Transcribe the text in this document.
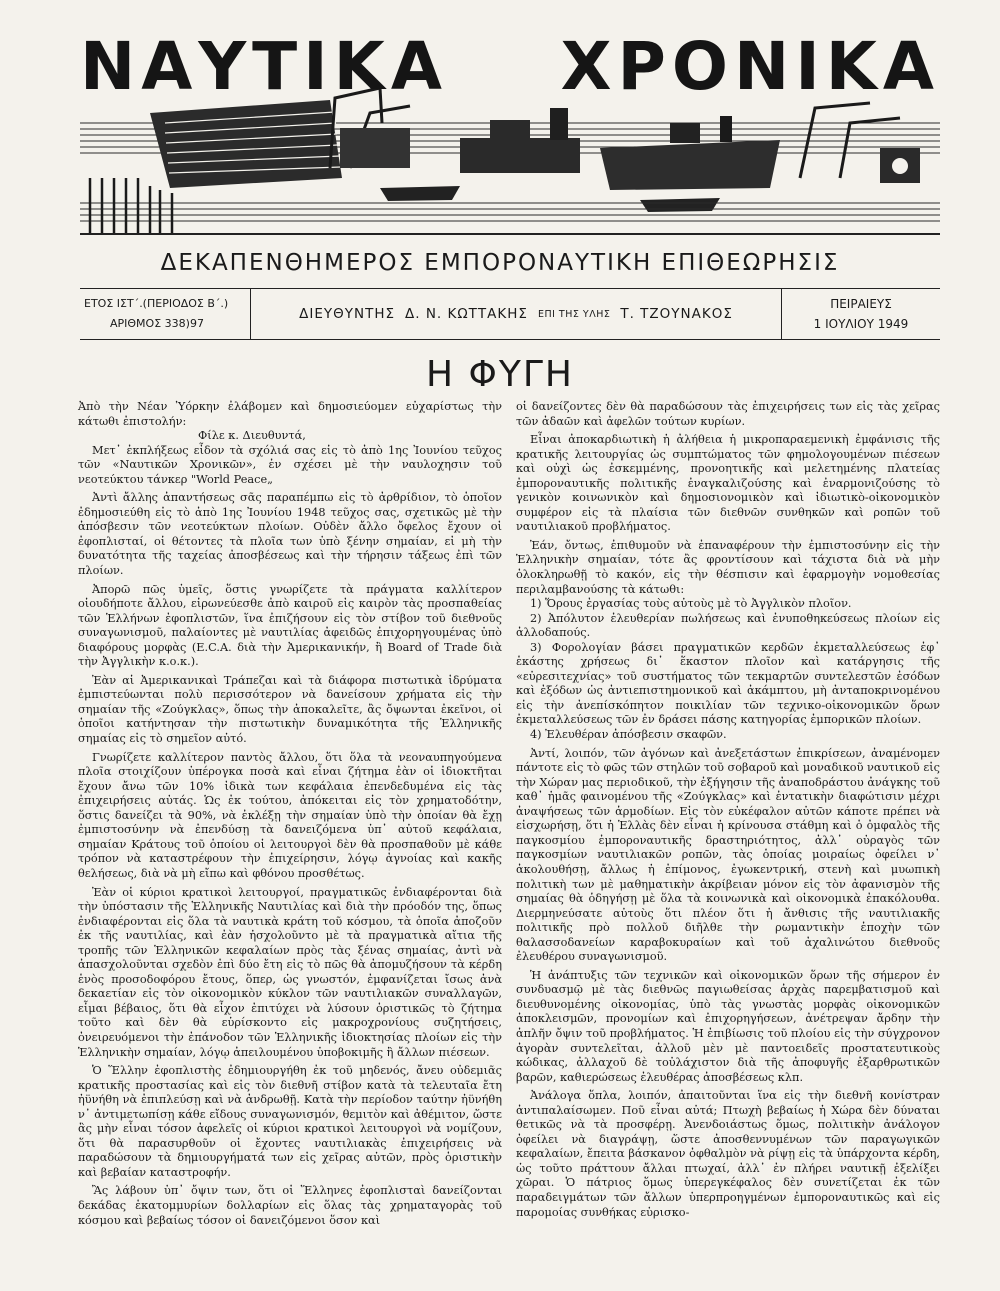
ΝΑΥΤΙΚΑ ΧΡΟΝΙΚΑ
ΔΕΚΑΠΕΝΘΗΜΕΡΟΣ ΕΜΠΟΡΟΝΑΥΤΙΚΗ ΕΠΙΘΕΩΡΗΣΙΣ
ΕΤΟΣ ΙΣΤ΄.(ΠΕΡΙΟΔΟΣ Β΄.)
ΑΡΙΘΜΟΣ 338)97
ΔΙΕΥΘΥΝΤΗΣ Δ. Ν. ΚΩΤΤΑΚΗΣ ΕΠΙ ΤΗΣ ΥΛΗΣ Τ. ΤΖΟΥΝΑΚΟΣ
ΠΕΙΡΑΙΕΥΣ
1 ΙΟΥΛΙΟΥ 1949
Η ΦΥΓΗ

Ἀπὸ τὴν Νέαν Ὑόρκην ἐλάβομεν καὶ δημοσιεύομεν εὐχαρίστως τὴν κάτωθι ἐπιστολήν:

Φίλε κ. Διευθυντά,

Μετ᾽ ἐκπλήξεως εἶδον τὰ σχόλιά σας εἰς τὸ ἀπὸ 1ης Ἰουνίου τεῦχος τῶν «Ναυτικῶν Χρονικῶν», ἐν σχέσει μὲ τὴν ναυλοχησιν τοῦ νεοτεύκτου τάνκερ "World Peace„

Ἀντὶ ἄλλης ἀπαντήσεως σᾶς παραπέμπω εἰς τὸ ἀρθρίδιον, τὸ ὁποῖον ἐδημοσιεύθη εἰς τὸ ἀπὸ 1ης Ἰουνίου 1948 τεῦχος σας, σχετικῶς μὲ τὴν ἀπόσβεσιν τῶν νεοτεύκτων πλοίων. Οὐδὲν ἄλλο ὄφελος ἔχουν οἱ ἐφοπλισταί, οἱ θέτοντες τὰ πλοῖα των ὑπὸ ξένην σημαίαν, εἰ μὴ τὴν δυνατότητα τῆς ταχείας ἀποσβέσεως καὶ τὴν τήρησιν τάξεως ἐπὶ τῶν πλοίων.

Ἀπορῶ πῶς ὑμεῖς, ὅστις γνωρίζετε τὰ πράγματα καλλίτερον οἱουδήποτε ἄλλου, εἰρωνεύεσθε ἀπὸ καιροῦ εἰς καιρὸν τὰς προσπαθείας τῶν Ἑλλήνων ἐφοπλιστῶν, ἵνα ἐπιζήσουν εἰς τὸν στίβον τοῦ διεθνοῦς συναγωνισμοῦ, παλαίοντες μὲ ναυτιλίας ἀφειδῶς ἐπιχορηγουμένας ὑπὸ διαφόρους μορφὰς (E.C.A. διὰ τὴν Ἀμερικανικήν, ἢ Board of Trade διὰ τὴν Ἀγγλικὴν κ.ο.κ.).

Ἐὰν αἱ Ἀμερικανικαὶ Τράπεζαι καὶ τὰ διάφορα πιστωτικὰ ἱδρύματα ἐμπιστεύωνται πολὺ περισσότερον νὰ δανείσουν χρήματα εἰς τὴν σημαίαν τῆς «Ζούγκλας», ὅπως τὴν ἀποκαλεῖτε, ἂς ὄψωνται ἐκεῖνοι, οἱ ὁποῖοι κατήντησαν τὴν πιστωτικὴν δυναμικότητα τῆς Ἑλληνικῆς σημαίας εἰς τὸ σημεῖον αὐτό.

Γνωρίζετε καλλίτερον παντὸς ἄλλου, ὅτι ὅλα τὰ νεοναυπηγούμενα πλοῖα στοιχίζουν ὑπέρογκα ποσὰ καὶ εἶναι ζήτημα ἐὰν οἱ ἰδιοκτῆται ἔχουν ἄνω τῶν 10% ἰδικὰ των κεφάλαια ἐπενδεδυμένα εἰς τὰς ἐπιχειρήσεις αὐτάς. Ὡς ἐκ τούτου, ἀπόκειται εἰς τὸν χρηματοδότην, ὅστις δανείζει τὰ 90%, νὰ ἐκλέξῃ τὴν σημαίαν ὑπὸ τὴν ὁποίαν θὰ ἔχῃ ἐμπιστοσύνην νὰ ἐπενδύσῃ τὰ δανειζόμενα ὑπ᾽ αὐτοῦ κεφάλαια, σημαίαν Κράτους τοῦ ὁποίου οἱ λειτουργοὶ δὲν θὰ προσπαθοῦν μὲ κάθε τρόπον νὰ καταστρέφουν τὴν ἐπιχείρησιν, λόγῳ ἀγνοίας καὶ κακῆς θελήσεως, διὰ νὰ μὴ εἴπω καὶ φθόνου προσθέτως.

Ἐὰν οἱ κύριοι κρατικοὶ λειτουργοί, πραγματικῶς ἐνδιαφέρονται διὰ τὴν ὑπόστασιν τῆς Ἑλληνικῆς Ναυτιλίας καὶ διὰ τὴν πρόοδόν της, ὅπως ἐνδιαφέρονται εἰς ὅλα τὰ ναυτικὰ κράτη τοῦ κόσμου, τὰ ὁποῖα ἀποζοῦν ἐκ τῆς ναυτιλίας, καὶ ἐὰν ἠσχολοῦντο μὲ τὰ πραγματικὰ αἴτια τῆς τροπῆς τῶν Ἑλληνικῶν κεφαλαίων πρὸς τὰς ξένας σημαίας, ἀντὶ νὰ ἀπασχολοῦνται σχεδὸν ἐπὶ δύο ἔτη εἰς τὸ πῶς θὰ ἀπομυζήσουν τὰ κέρδη ἑνὸς προσοδοφόρου ἔτους, ὅπερ, ὡς γνωστόν, ἐμφανίζεται ἴσως ἀνὰ δεκαετίαν εἰς τὸν οἰκονομικὸν κύκλον τῶν ναυτιλιακῶν συναλλαγῶν, εἶμαι βέβαιος, ὅτι θὰ εἶχον ἐπιτύχει νὰ λύσουν ὁριστικῶς τὸ ζήτημα τοῦτο καὶ δὲν θὰ εὑρίσκοντο εἰς μακροχρονίους συζητήσεις, ὀνειρευόμενοι τὴν ἐπάνοδον τῶν Ἑλληνικῆς ἰδιοκτησίας πλοίων εἰς τὴν Ἑλληνικὴν σημαίαν, λόγῳ ἀπειλουμένου ὑποβοκιμῆς ἢ ἄλλων πιέσεων.

Ὁ Ἕλλην ἐφοπλιστὴς ἐδημιουργήθη ἐκ τοῦ μηδενός, ἄνευ οὐδεμιᾶς κρατικῆς προστασίας καὶ εἰς τὸν διεθνῆ στίβον κατὰ τὰ τελευταῖα ἔτη ἠϋνήθη νὰ ἐπιπλεύσῃ καὶ νὰ ἀνδρωθῇ. Κατὰ τὴν περίοδον ταύτην ἠϋνήθη ν᾽ ἀντιμετωπίσῃ κάθε εἴδους συναγωνισμόν, θεμιτὸν καὶ ἀθέμιτον, ὥστε ἂς μὴν εἶναι τόσον ἀφελεῖς οἱ κύριοι κρατικοὶ λειτουργοὶ νὰ νομίζουν, ὅτι θὰ παρασυρθοῦν οἱ ἔχοντες ναυτιλιακὰς ἐπιχειρήσεις νὰ παραδώσουν τὰ δημιουργήματά των εἰς χεῖρας αὐτῶν, πρὸς ὁριστικὴν καὶ βεβαίαν καταστροφήν.

Ἂς λάβουν ὑπ᾽ ὄψιν των, ὅτι οἱ Ἕλληνες ἐφοπλισταὶ δανείζονται δεκάδας ἑκατομμυρίων δολλαρίων εἰς ὅλας τὰς χρηματαγορὰς τοῦ κόσμου καὶ βεβαίως τόσον οἱ δανειζόμενοι ὅσον καὶ

οἱ δανείζοντες δὲν θὰ παραδώσουν τὰς ἐπιχειρήσεις των εἰς τὰς χεῖρας τῶν ἀδαῶν καὶ ἀφελῶν τούτων κυρίων.

Εἶναι ἀποκαρδιωτικὴ ἡ ἀλήθεια ἡ μικροπαραεμενικὴ ἐμφάνισις τῆς κρατικῆς λειτουργίας ὡς συμπτώματος τῶν φημολογουμένων πιέσεων καὶ οὐχὶ ὡς ἐσκεμμένης, προνοητικῆς καὶ μελετημένης πλατείας ἐμποροναυτικῆς πολιτικῆς ἐναγκαλιζούσης καὶ ἐναρμονιζούσης τὸ γενικὸν κοινωνικὸν καὶ δημοσιονομικὸν καὶ ἰδιωτικὸ-οἰκονομικὸν συμφέρον εἰς τὰ πλαίσια τῶν διεθνῶν συνθηκῶν καὶ ροπῶν τοῦ ναυτιλιακοῦ προβλήματος.

Ἐάν, ὄντως, ἐπιθυμοῦν νὰ ἐπαναφέρουν τὴν ἐμπιστοσύνην εἰς τὴν Ἑλληνικὴν σημαίαν, τότε ἂς φροντίσουν καὶ τάχιστα διὰ νὰ μὴν ὁλοκληρωθῇ τὸ κακόν, εἰς τὴν θέσπισιν καὶ ἐφαρμογὴν νομοθεσίας περιλαμβανούσης τὰ κάτωθι:

1) Ὅρους ἐργασίας τοὺς αὐτοὺς μὲ τὸ Ἀγγλικὸν πλοῖον.

2) Ἀπόλυτον ἐλευθερίαν πωλήσεως καὶ ἐνυποθηκεύσεως πλοίων εἰς ἀλλοδαπούς.

3) Φορολογίαν βάσει πραγματικῶν κερδῶν ἐκμεταλλεύσεως ἐφ᾽ ἑκάστης χρήσεως δι᾽ ἕκαστον πλοῖον καὶ κατάργησις τῆς «εὐρεσιτεχνίας» τοῦ συστήματος τῶν τεκμαρτῶν συντελεστῶν ἐσόδων καὶ ἐξόδων ὡς ἀντιεπιστημονικοῦ καὶ ἀκάμπτου, μὴ ἀνταποκρινομένου εἰς τὴν ἀνεπίσκόπητον ποικιλίαν τῶν τεχνικο-οἰκονομικῶν ὅρων ἐκμεταλλεύσεως τῶν ἐν δράσει πάσης κατηγορίας ἐμπορικῶν πλοίων.

4) Ἐλευθέραν ἀπόσβεσιν σκαφῶν.

Ἀντί, λοιπόν, τῶν ἀγόνων καὶ ἀνεξετάστων ἐπικρίσεων, ἀναμένομεν πάντοτε εἰς τὸ φῶς τῶν στηλῶν τοῦ σοβαροῦ καὶ μοναδικοῦ ναυτικοῦ εἰς τὴν Χώραν μας περιοδικοῦ, τὴν ἐξήγησιν τῆς ἀναποδράστου ἀνάγκης τοῦ καθ᾽ ἡμᾶς φαινομένου τῆς «Ζούγκλας» καὶ ἐντατικὴν διαφώτισιν μέχρι ἀναψήσεως τῶν ἁρμοδίων. Εἰς τὸν εὐκέφαλον αὐτῶν κάποτε πρέπει νὰ εἰσχωρήσῃ, ὅτι ἡ Ἑλλὰς δὲν εἶναι ἡ κρίνουσα στάθμη καὶ ὁ ὀμφαλὸς τῆς παγκοσμίου ἐμποροναυτικῆς δραστηριότητος, ἀλλ᾽ οὐραγὸς τῶν παγκοσμίων ναυτιλιακῶν ροπῶν, τὰς ὁποίας μοιραίως ὀφείλει ν᾽ ἀκολουθήσῃ, ἄλλως ἡ ἐπίμονος, ἐγωκεντρική, στενὴ καὶ μυωπικὴ πολιτικὴ των μὲ μαθηματικὴν ἀκρίβειαν μόνον εἰς τὸν ἀφανισμὸν τῆς σημαίας θὰ ὁδηγήσῃ μὲ ὅλα τὰ κοινωνικὰ καὶ οἰκονομικὰ ἐπακόλουθα. Διερμηνεύσατε αὐτοὺς ὅτι πλέον ὅτι ἡ ἄνθισις τῆς ναυτιλιακῆς πολιτικῆς πρὸ πολλοῦ διῆλθε τὴν ρωμαντικὴν ἐποχὴν τῶν θαλασσοδανείων καραβοκυραίων καὶ τοῦ ἀχαλινώτου διεθνοῦς ἐλευθέρου συναγωνισμοῦ.

Ἡ ἀνάπτυξις τῶν τεχνικῶν καὶ οἰκονομικῶν ὅρων τῆς σήμερον ἐν συνδυασμῷ μὲ τὰς διεθνῶς παγιωθείσας ἀρχὰς παρεμβατισμοῦ καὶ διευθυνομένης οἰκονομίας, ὑπὸ τὰς γνωστὰς μορφὰς οἰκονομικῶν ἀποκλεισμῶν, προνομίων καὶ ἐπιχορηγήσεων, ἀνέτρεψαν ἄρδην τὴν ἁπλῆν ὄψιν τοῦ προβλήματος. Ἡ ἐπιβίωσις τοῦ πλοίου εἰς τὴν σύγχρονον ἀγορὰν συντελεῖται, ἀλλοῦ μὲν μὲ παντοειδεῖς προστατευτικοὺς κώδικας, ἀλλαχοῦ δὲ τοὐλάχιστον διὰ τῆς ἀποφυγῆς ἐξαρθρωτικῶν βαρῶν, καθιερώσεως ἐλευθέρας ἀποσβέσεως κλπ.

Ἀνάλογα ὅπλα, λοιπόν, ἀπαιτοῦνται ἵνα εἰς τὴν διεθνῆ κονίστραν ἀντιπαλαίσωμεν. Ποῦ εἶναι αὐτά; Πτωχὴ βεβαίως ἡ Χώρα δὲν δύναται θετικῶς νὰ τὰ προσφέρῃ. Ἀνενδοιάστως ὅμως, πολιτικὴν ἀνάλογον ὀφείλει νὰ διαγράψῃ, ὥστε ἀποσθεννυμένων τῶν παραγωγικῶν κεφαλαίων, ἔπειτα βάσκανον ὀφθαλμὸν νὰ ρίψῃ εἰς τὰ ὑπάρχοντα κέρδη, ὡς τοῦτο πράττουν ἄλλαι πτωχαί, ἀλλ᾽ ἐν πλήρει ναυτικῇ ἐξελίξει χῶραι. Ὁ πάτριος ὅμως ὑπερεγκέφαλος δὲν συνετίζεται ἐκ τῶν παραδειγμάτων τῶν ἄλλων ὑπερπροηγμένων ἐμποροναυτικῶς καὶ εἰς παρομοίας συνθήκας εὑρισκο-
